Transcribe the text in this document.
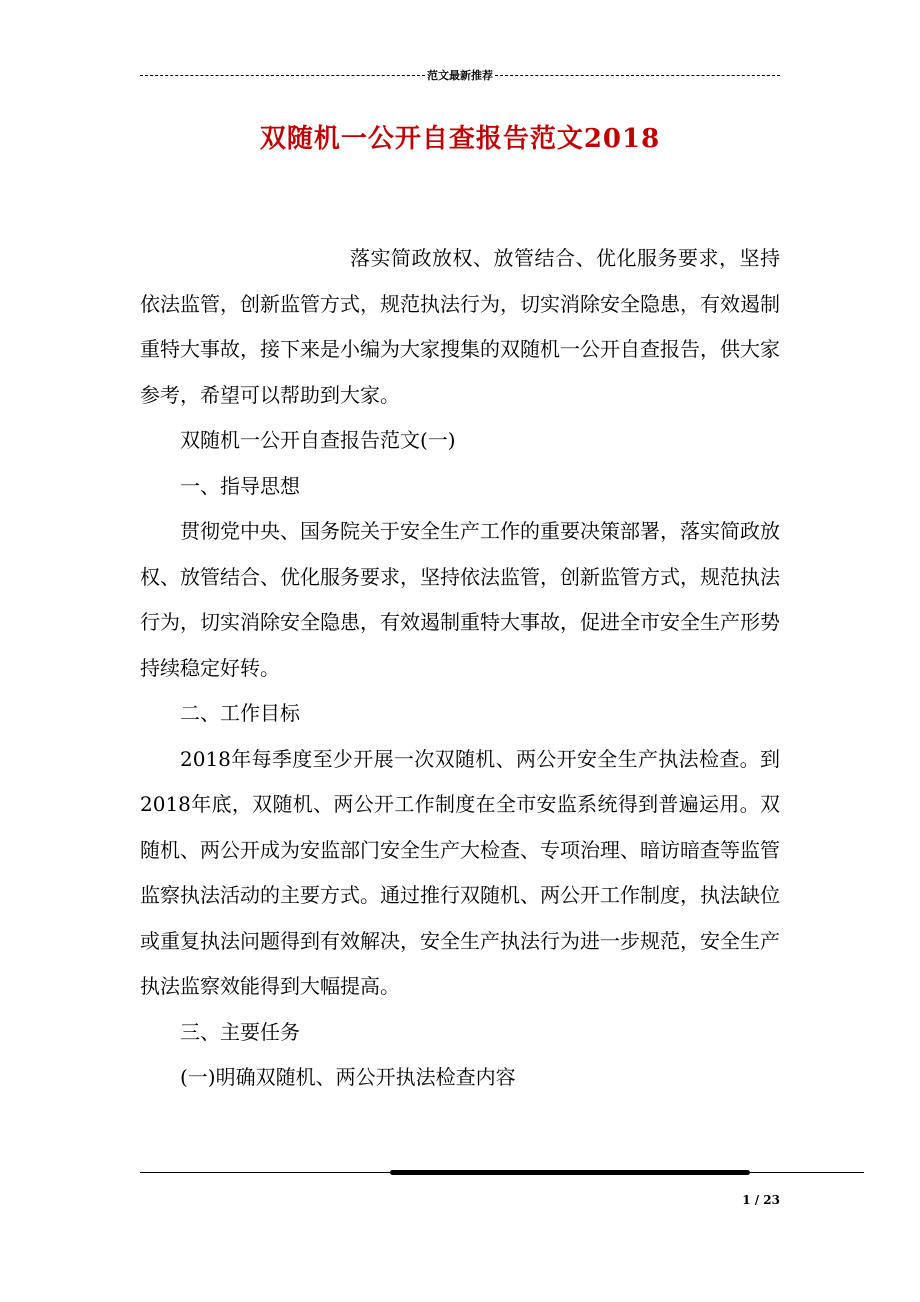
范文最新推荐
双随机一公开自查报告范文2018

落实简政放权、放管结合、优化服务要求，坚持依法监管，创新监管方式，规范执法行为，切实消除安全隐患，有效遏制重特大事故，接下来是小编为大家搜集的双随机一公开自查报告，供大家参考，希望可以帮助到大家。

双随机一公开自查报告范文(一)

一、指导思想

贯彻党中央、国务院关于安全生产工作的重要决策部署，落实简政放权、放管结合、优化服务要求，坚持依法监管，创新监管方式，规范执法行为，切实消除安全隐患，有效遏制重特大事故，促进全市安全生产形势持续稳定好转。

二、工作目标

2018年每季度至少开展一次双随机、两公开安全生产执法检查。到2018年底，双随机、两公开工作制度在全市安监系统得到普遍运用。双随机、两公开成为安监部门安全生产大检查、专项治理、暗访暗查等监管监察执法活动的主要方式。通过推行双随机、两公开工作制度，执法缺位或重复执法问题得到有效解决，安全生产执法行为进一步规范，安全生产执法监察效能得到大幅提高。

三、主要任务

(一)明确双随机、两公开执法检查内容

1 / 23
